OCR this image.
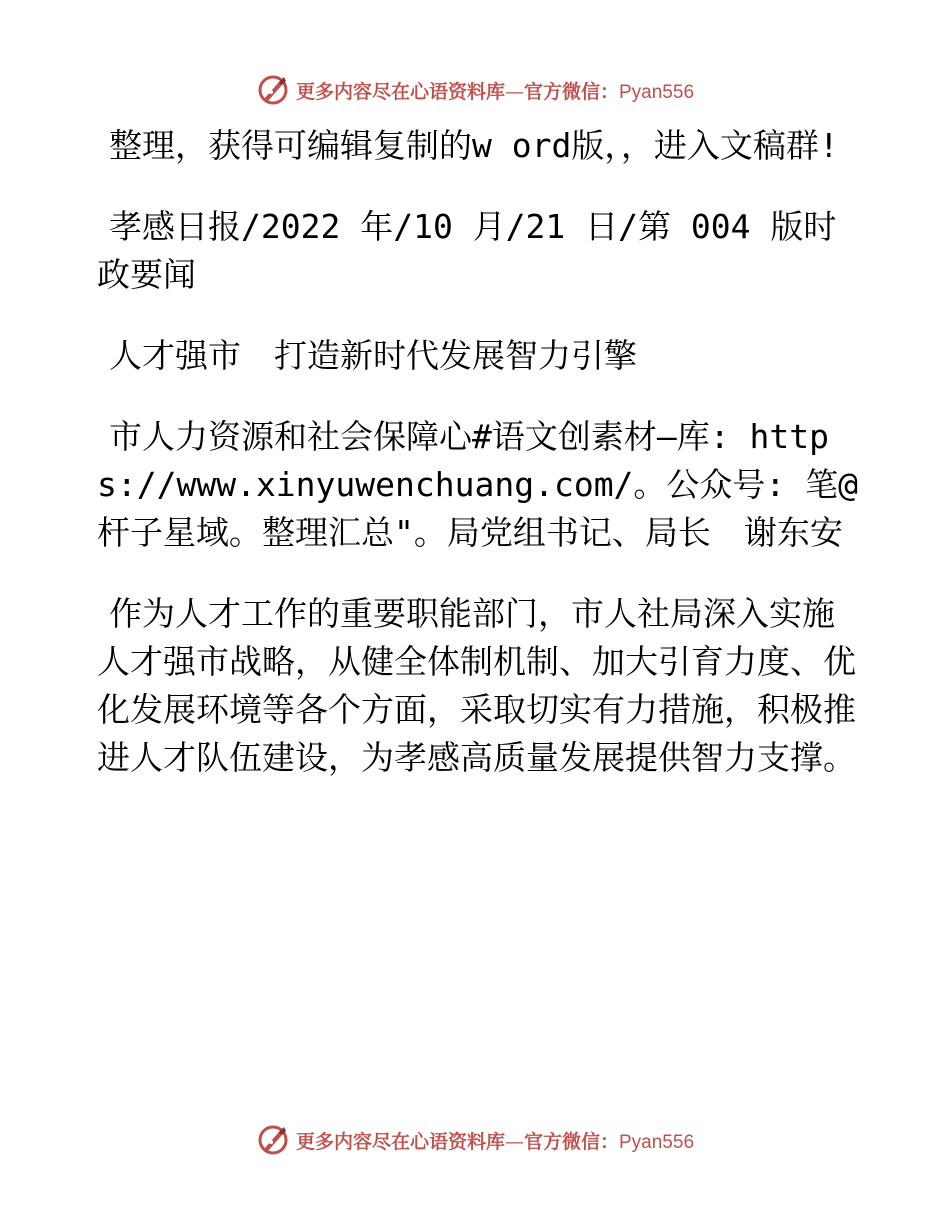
更多内容尽在心语资料库—官方微信：Pyan556

整理，获得可编辑复制的w ord版，，进入文稿群!

孝感日报/2022 年/10 月/21 日/第 004 版时政要闻

人才强市　打造新时代发展智力引擎

市人力资源和社会保障心#语文创素材—库: https://www.xinyuwenchuang.com/。公众号: 笔@杆子星域。整理汇总"。局党组书记、局长　谢东安

作为人才工作的重要职能部门，市人社局深入实施人才强市战略，从健全体制机制、加大引育力度、优化发展环境等各个方面，采取切实有力措施，积极推进人才队伍建设，为孝感高质量发展提供智力支撑。

更多内容尽在心语资料库—官方微信：Pyan556
